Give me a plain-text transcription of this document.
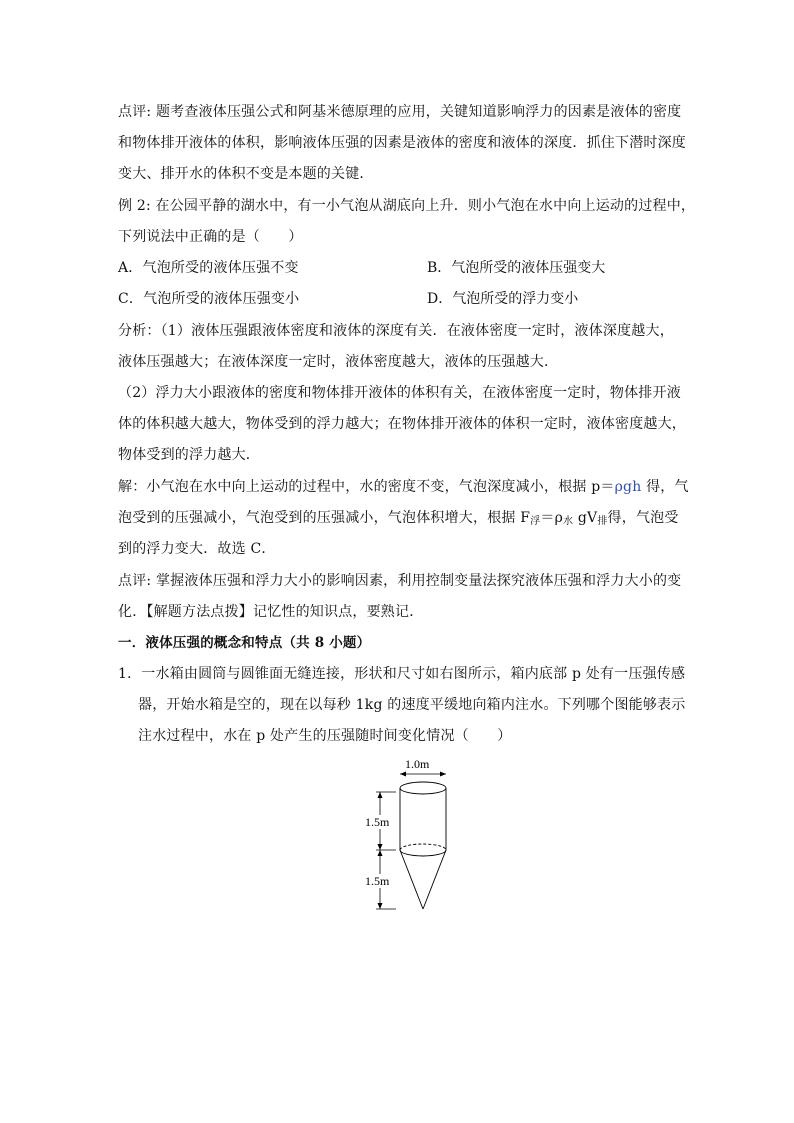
点评: 题考查液体压强公式和阿基米德原理的应用，关键知道影响浮力的因素是液体的密度
和物体排开液体的体积，影响液体压强的因素是液体的密度和液体的深度．抓住下潜时深度
变大、排开水的体积不变是本题的关键．
例 2: 在公园平静的湖水中，有一小气泡从湖底向上升．则小气泡在水中向上运动的过程中，
下列说法中正确的是（　　）
A．气泡所受的液体压强不变	B．气泡所受的液体压强变大
C．气泡所受的液体压强变小	D．气泡所受的浮力变小
分析：（1）液体压强跟液体密度和液体的深度有关．在液体密度一定时，液体深度越大，
液体压强越大；在液体深度一定时，液体密度越大，液体的压强越大．
（2）浮力大小跟液体的密度和物体排开液体的体积有关，在液体密度一定时，物体排开液
体的体积越大越大，物体受到的浮力越大；在物体排开液体的体积一定时，液体密度越大，
物体受到的浮力越大．
解：小气泡在水中向上运动的过程中，水的密度不变，气泡深度减小，根据 p＝ρgh 得，气
泡受到的压强减小，气泡受到的压强减小，气泡体积增大，根据 $F_浮=\rho_水$ $gV_排$得，气泡受
到的浮力变大．故选 C．
点评: 掌握液体压强和浮力大小的影响因素，利用控制变量法探究液体压强和浮力大小的变
化．【解题方法点拨】记忆性的知识点，要熟记．
一．液体压强的概念和特点（共 8 小题）
1．一水箱由圆筒与圆锥面无缝连接，形状和尺寸如右图所示，箱内底部 p 处有一压强传感
器，开始水箱是空的，现在以每秒 1kg 的速度平缓地向箱内注水。下列哪个图能够表示
注水过程中，水在 p 处产生的压强随时间变化情况（　　）
1.0m
1.5m
1.5m
